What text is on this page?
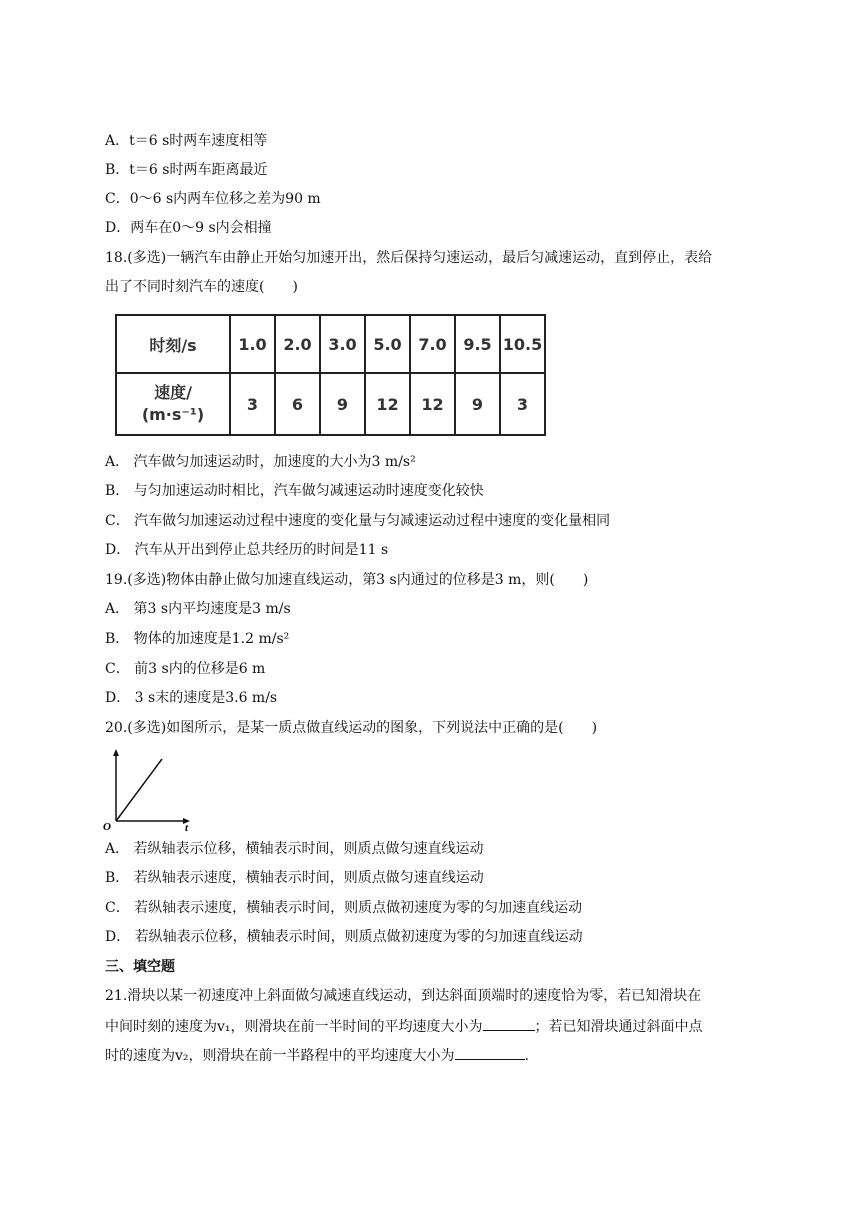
A．t＝6 s时两车速度相等
B．t＝6 s时两车距离最近
C．0～6 s内两车位移之差为90 m
D．两车在0～9 s内会相撞
18.(多选)一辆汽车由静止开始匀加速开出，然后保持匀速运动，最后匀减速运动，直到停止，表给
出了不同时刻汽车的速度(　　)
时刻/s	1.0	2.0	3.0	5.0	7.0	9.5	10.5

速度/
(m·s⁻¹)	3	6	9	12	12	9	3
A． 汽车做匀加速运动时，加速度的大小为3 m/s²
B． 与匀加速运动时相比，汽车做匀减速运动时速度变化较快
C． 汽车做匀加速运动过程中速度的变化量与匀减速运动过程中速度的变化量相同
D． 汽车从开出到停止总共经历的时间是11 s
19.(多选)物体由静止做匀加速直线运动，第3 s内通过的位移是3 m，则(　　)
A． 第3 s内平均速度是3 m/s
B． 物体的加速度是1.2 m/s²
C． 前3 s内的位移是6 m
D． 3 s末的速度是3.6 m/s
20.(多选)如图所示，是某一质点做直线运动的图象，下列说法中正确的是(　　)
O	t
A． 若纵轴表示位移，横轴表示时间，则质点做匀速直线运动
B． 若纵轴表示速度，横轴表示时间，则质点做匀速直线运动
C． 若纵轴表示速度，横轴表示时间，则质点做初速度为零的匀加速直线运动
D． 若纵轴表示位移，横轴表示时间，则质点做初速度为零的匀加速直线运动
三、填空题
21.滑块以某一初速度冲上斜面做匀减速直线运动，到达斜面顶端时的速度恰为零，若已知滑块在
中间时刻的速度为v₁，则滑块在前一半时间的平均速度大小为	；若已知滑块通过斜面中点
时的速度为v₂，则滑块在前一半路程中的平均速度大小为	.
